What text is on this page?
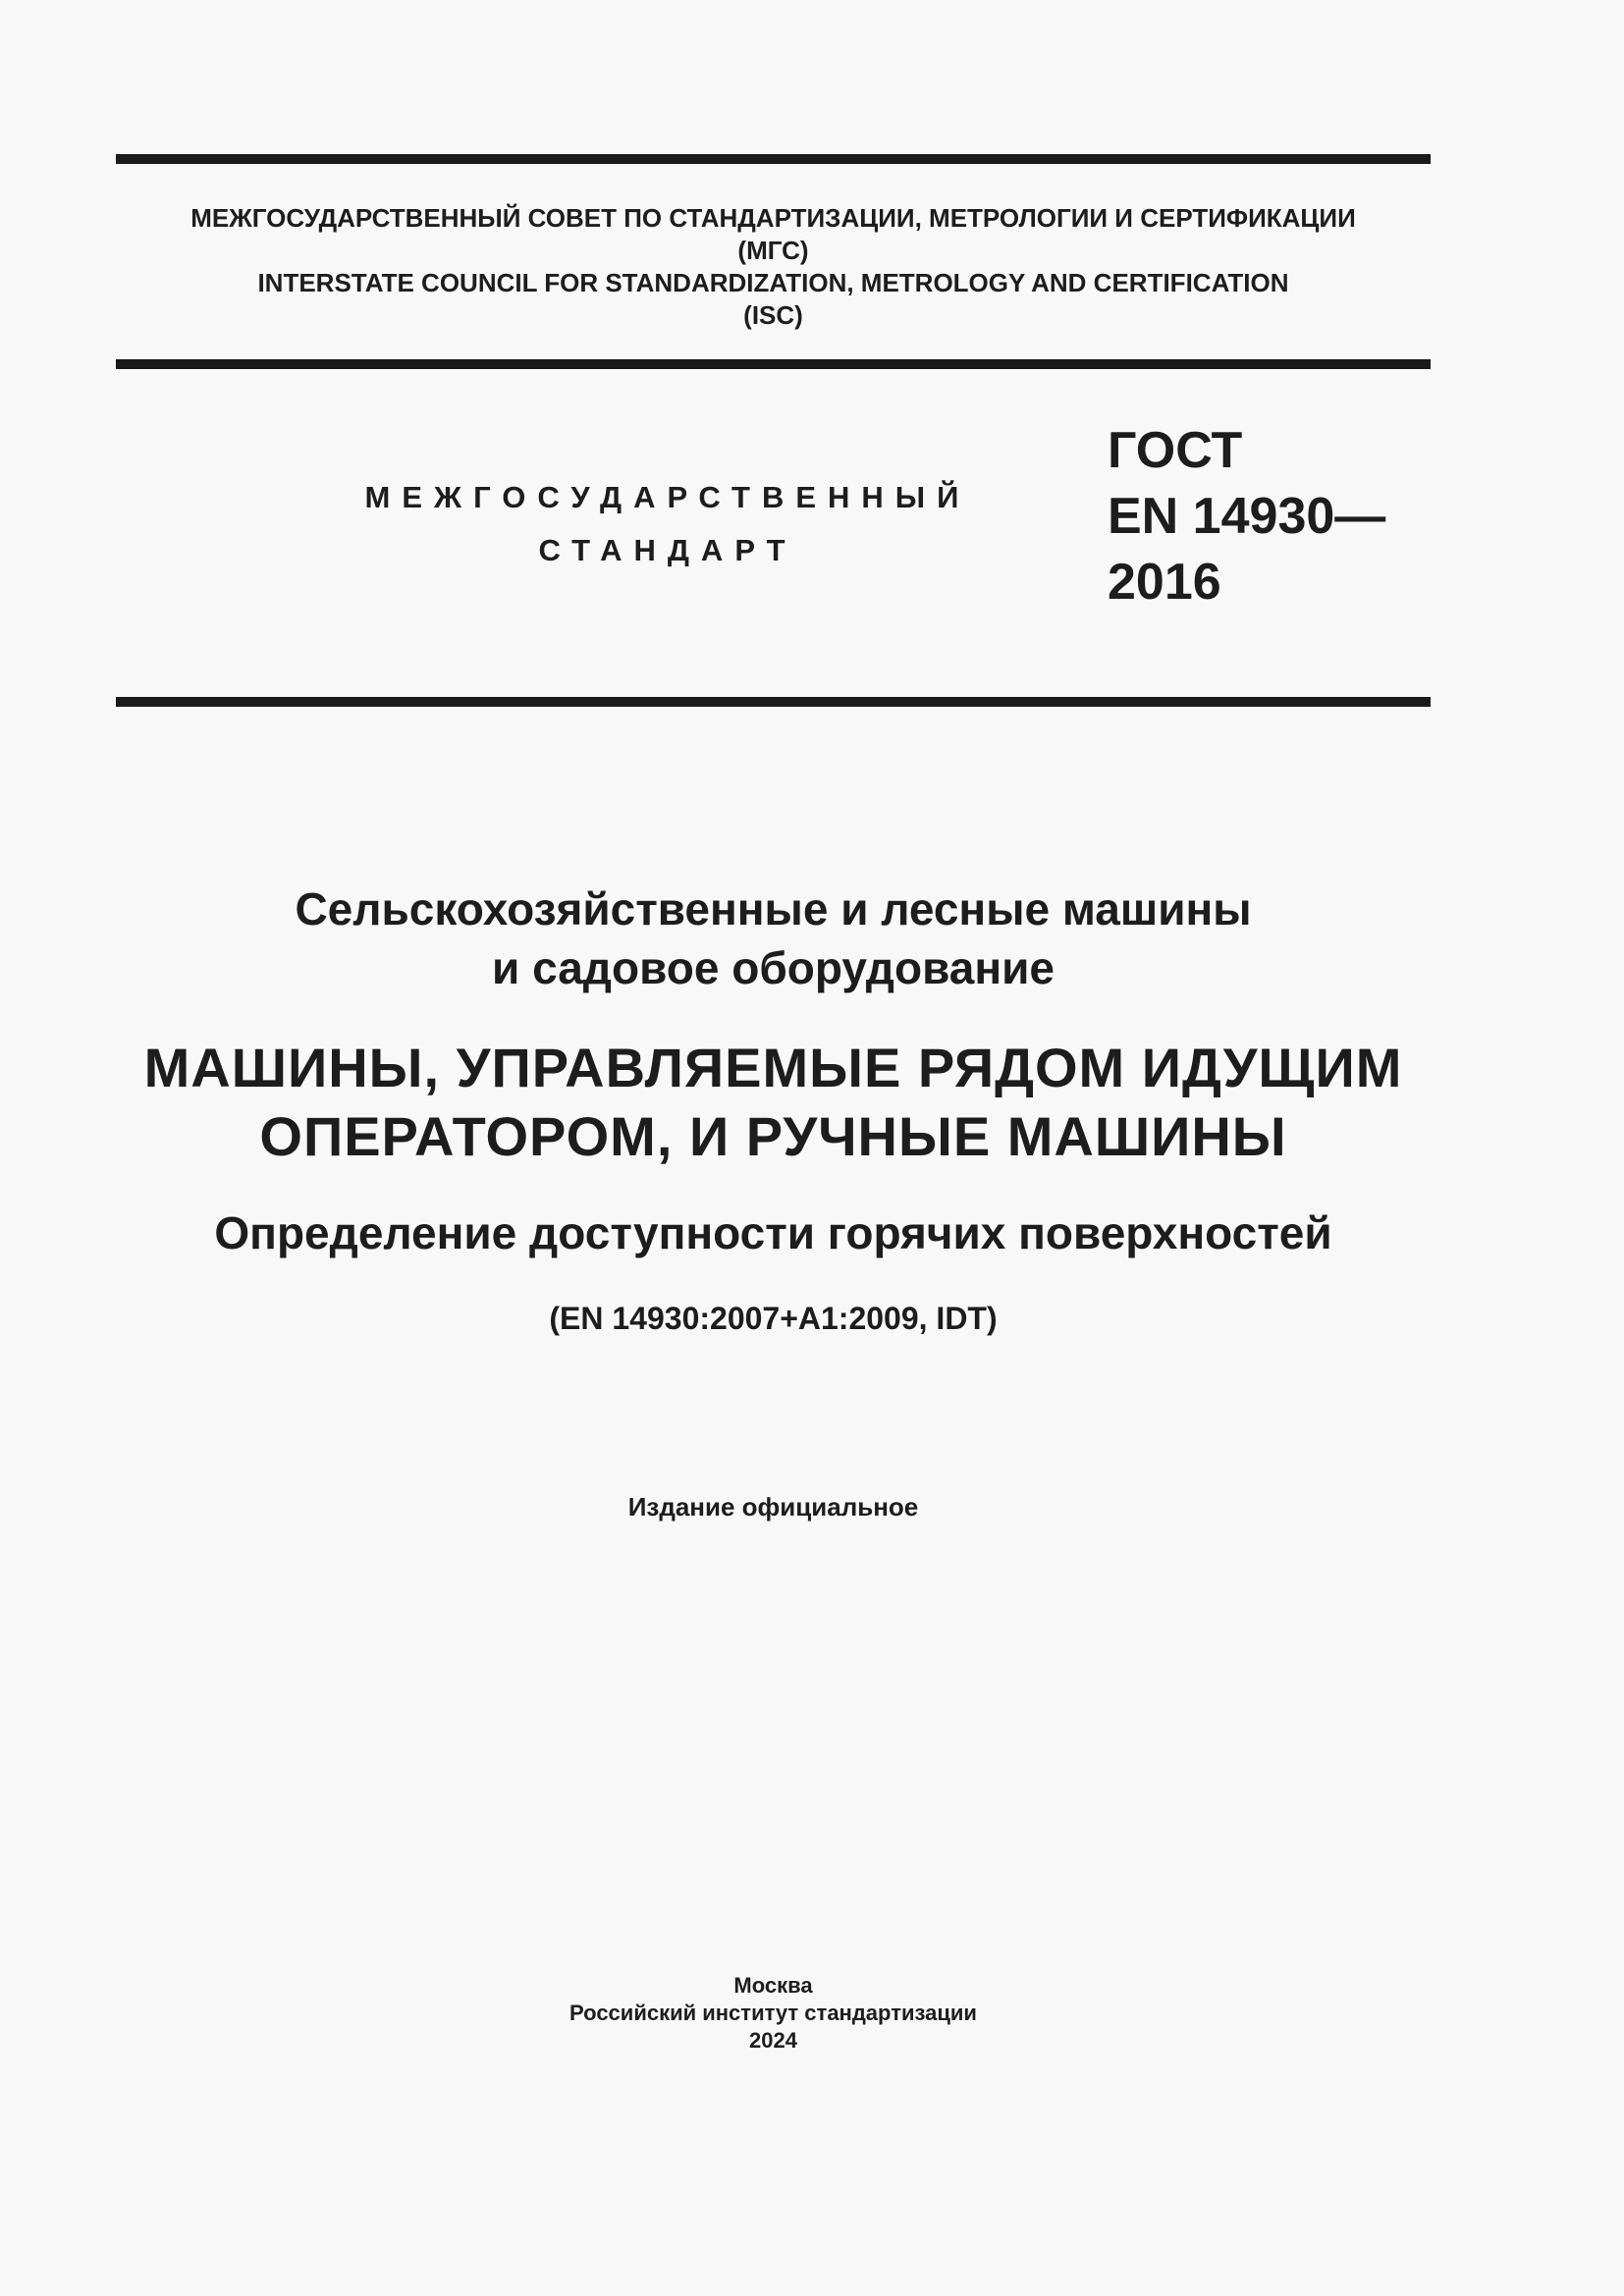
МЕЖГОСУДАРСТВЕННЫЙ СОВЕТ ПО СТАНДАРТИЗАЦИИ, МЕТРОЛОГИИ И СЕРТИФИКАЦИИ
(МГС)
INTERSTATE COUNCIL FOR STANDARDIZATION, METROLOGY AND CERTIFICATION
(ISC)
МЕЖГОСУДАРСТВЕННЫЙ
СТАНДАРТ
ГОСТ
EN 14930—
2016
Сельскохозяйственные и лесные машины
и садовое оборудование
МАШИНЫ, УПРАВЛЯЕМЫЕ РЯДОМ ИДУЩИМ
ОПЕРАТОРОМ, И РУЧНЫЕ МАШИНЫ
Определение доступности горячих поверхностей
(EN 14930:2007+A1:2009, IDT)
Издание официальное
Москва
Российский институт стандартизации
2024
